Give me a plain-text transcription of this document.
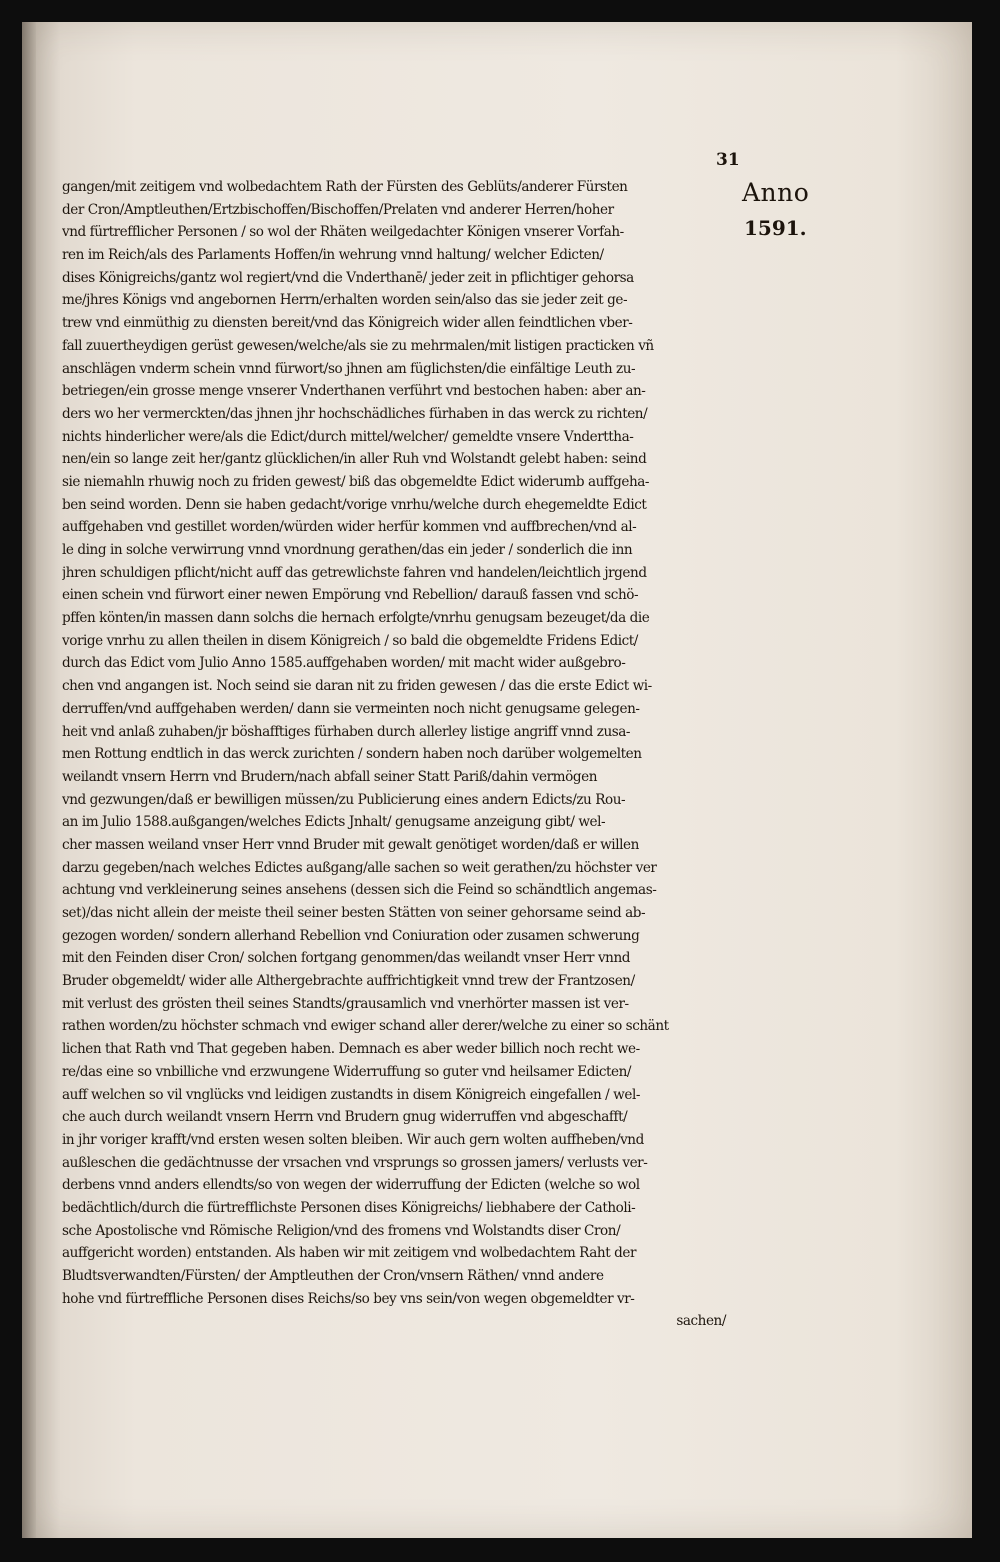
31
Anno
1591.
gangen/mit zeitigem vnd wolbedachtem Rath der Fürsten des Geblüts/anderer Fürsten
der Cron/Amptleuthen/Ertzbischoffen/Bischoffen/Prelaten vnd anderer Herren/hoher
vnd fürtrefflicher Personen / so wol der Rhäten weilgedachter Königen vnserer Vorfah-
ren im Reich/als des Parlaments Hoffen/in wehrung vnnd haltung/ welcher Edicten/
dises Königreichs/gantz wol regiert/vnd die Vnderthanē/ jeder zeit in pflichtiger gehorsa
me/jhres Königs vnd angebornen Herrn/erhalten worden sein/also das sie jeder zeit ge-
trew vnd einmüthig zu diensten bereit/vnd das Königreich wider allen feindtlichen vber-
fall zuuertheydigen gerüst gewesen/welche/als sie zu mehrmalen/mit listigen practicken vñ
anschlägen vnderm schein vnnd fürwort/so jhnen am füglichsten/die einfältige Leuth zu-
betriegen/ein grosse menge vnserer Vnderthanen verführt vnd bestochen haben: aber an-
ders wo her vermerckten/das jhnen jhr hochschädliches fürhaben in das werck zu richten/
nichts hinderlicher were/als die Edict/durch mittel/welcher/ gemeldte vnsere Vnderttha-
nen/ein so lange zeit her/gantz glücklichen/in aller Ruh vnd Wolstandt gelebt haben: seind
sie niemahln rhuwig noch zu friden gewest/ biß das obgemeldte Edict widerumb auffgeha-
ben seind worden. Denn sie haben gedacht/vorige vnrhu/welche durch ehegemeldte Edict
auffgehaben vnd gestillet worden/würden wider herfür kommen vnd auffbrechen/vnd al-
le ding in solche verwirrung vnnd vnordnung gerathen/das ein jeder / sonderlich die inn
jhren schuldigen pflicht/nicht auff das getrewlichste fahren vnd handelen/leichtlich jrgend
einen schein vnd fürwort einer newen Empörung vnd Rebellion/ darauß fassen vnd schö-
pffen könten/in massen dann solchs die hernach erfolgte/vnrhu genugsam bezeuget/da die
vorige vnrhu zu allen theilen in disem Königreich / so bald die obgemeldte Fridens Edict/
durch das Edict vom Julio Anno 1585.auffgehaben worden/ mit macht wider außgebro-
chen vnd angangen ist. Noch seind sie daran nit zu friden gewesen / das die erste Edict wi-
derruffen/vnd auffgehaben werden/ dann sie vermeinten noch nicht genugsame gelegen-
heit vnd anlaß zuhaben/jr böshafftiges fürhaben durch allerley listige angriff vnnd zusa-
men Rottung endtlich in das werck zurichten / sondern haben noch darüber wolgemelten
weilandt vnsern Herrn vnd Brudern/nach abfall seiner Statt Pariß/dahin vermögen
vnd gezwungen/daß er bewilligen müssen/zu Publicierung eines andern Edicts/zu Rou-
an im Julio 1588.außgangen/welches Edicts Jnhalt/ genugsame anzeigung gibt/ wel-
cher massen weiland vnser Herr vnnd Bruder mit gewalt genötiget worden/daß er willen
darzu gegeben/nach welches Edictes außgang/alle sachen so weit gerathen/zu höchster ver
achtung vnd verkleinerung seines ansehens (dessen sich die Feind so schändtlich angemas-
set)/das nicht allein der meiste theil seiner besten Stätten von seiner gehorsame seind ab-
gezogen worden/ sondern allerhand Rebellion vnd Coniuration oder zusamen schwerung
mit den Feinden diser Cron/ solchen fortgang genommen/das weilandt vnser Herr vnnd
Bruder obgemeldt/ wider alle Althergebrachte auffrichtigkeit vnnd trew der Frantzosen/
mit verlust des grösten theil seines Standts/grausamlich vnd vnerhörter massen ist ver-
rathen worden/zu höchster schmach vnd ewiger schand aller derer/welche zu einer so schänt
lichen that Rath vnd That gegeben haben. Demnach es aber weder billich noch recht we-
re/das eine so vnbilliche vnd erzwungene Widerruffung so guter vnd heilsamer Edicten/
auff welchen so vil vnglücks vnd leidigen zustandts in disem Königreich eingefallen / wel-
che auch durch weilandt vnsern Herrn vnd Brudern gnug widerruffen vnd abgeschafft/
in jhr voriger krafft/vnd ersten wesen solten bleiben. Wir auch gern wolten auffheben/vnd
außleschen die gedächtnusse der vrsachen vnd vrsprungs so grossen jamers/ verlusts ver-
derbens vnnd anders ellendts/so von wegen der widerruffung der Edicten (welche so wol
bedächtlich/durch die fürtrefflichste Personen dises Königreichs/ liebhabere der Catholi-
sche Apostolische vnd Römische Religion/vnd des fromens vnd Wolstandts diser Cron/
auffgericht worden) entstanden. Als haben wir mit zeitigem vnd wolbedachtem Raht der
Bludtsverwandten/Fürsten/ der Amptleuthen der Cron/vnsern Räthen/ vnnd andere
hohe vnd fürtreffliche Personen dises Reichs/so bey vns sein/von wegen obgemeldter vr-
sachen/
